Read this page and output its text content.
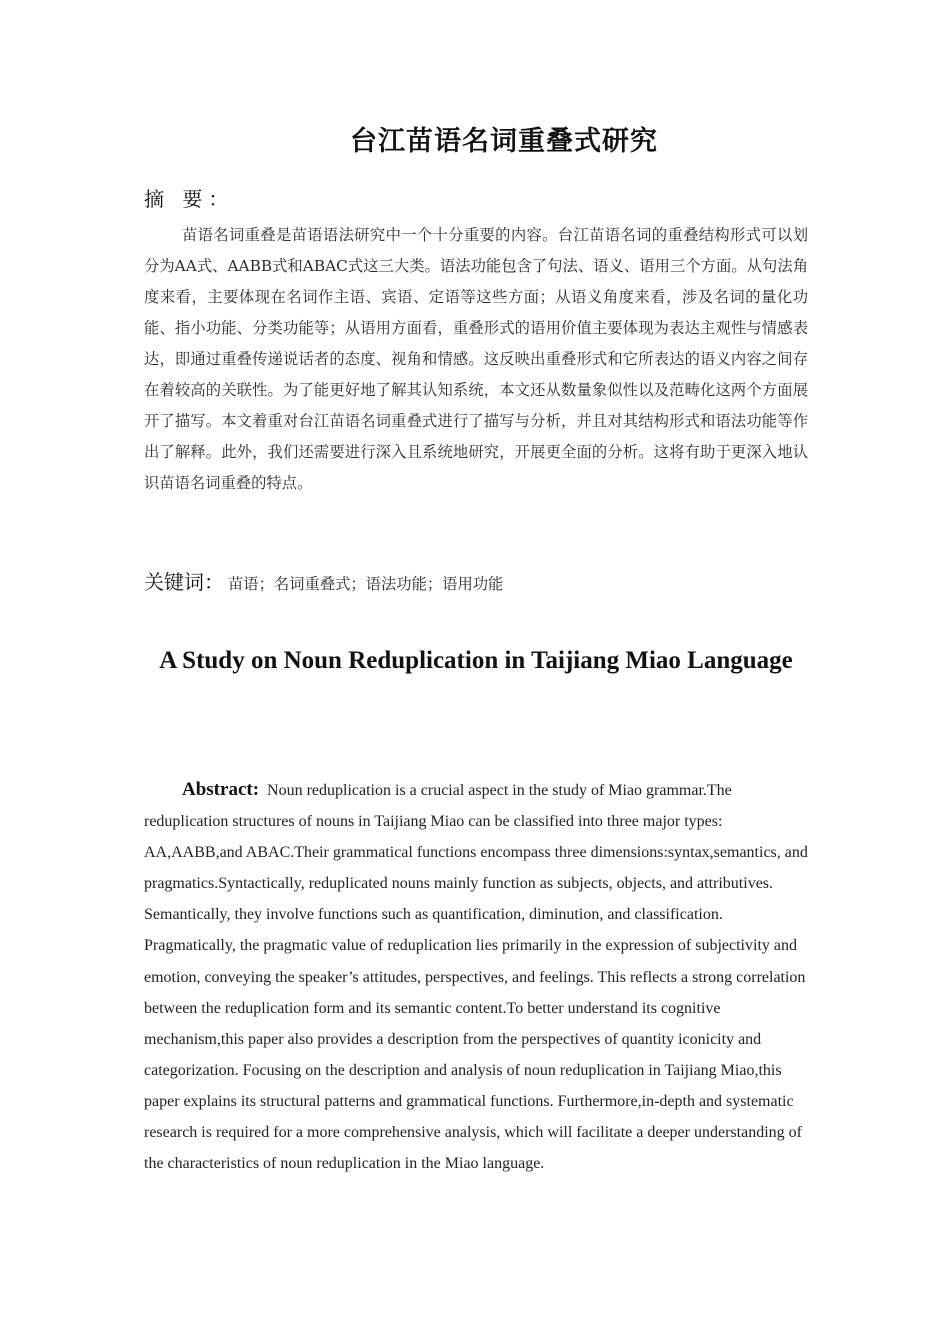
台江苗语名词重叠式研究
摘 要：

苗语名词重叠是苗语语法研究中一个十分重要的内容。台江苗语名词的重叠结构形式可以划分为AA式、AABB式和ABAC式这三大类。语法功能包含了句法、语义、语用三个方面。从句法角度来看，主要体现在名词作主语、宾语、定语等这些方面；从语义角度来看，涉及名词的量化功能、指小功能、分类功能等；从语用方面看，重叠形式的语用价值主要体现为表达主观性与情感表达，即通过重叠传递说话者的态度、视角和情感。这反映出重叠形式和它所表达的语义内容之间存在着较高的关联性。为了能更好地了解其认知系统，本文还从数量象似性以及范畴化这两个方面展开了描写。本文着重对台江苗语名词重叠式进行了描写与分析，并且对其结构形式和语法功能等作出了解释。此外，我们还需要进行深入且系统地研究，开展更全面的分析。这将有助于更深入地认识苗语名词重叠的特点。

关键词： 苗语；名词重叠式；语法功能；语用功能
A Study on Noun Reduplication in Taijiang Miao Language

Abstract: Noun reduplication is a crucial aspect in the study of Miao grammar.The reduplication structures of nouns in Taijiang Miao can be classified into three major types: AA,AABB,and ABAC.Their grammatical functions encompass three dimensions:syntax,semantics, and pragmatics.Syntactically, reduplicated nouns mainly function as subjects, objects, and attributives. Semantically, they involve functions such as quantification, diminution, and classification. Pragmatically, the pragmatic value of reduplication lies primarily in the expression of subjectivity and emotion, conveying the speaker’s attitudes, perspectives, and feelings. This reflects a strong correlation between the reduplication form and its semantic content.To better understand its cognitive mechanism,this paper also provides a description from the perspectives of quantity iconicity and categorization. Focusing on the description and analysis of noun reduplication in Taijiang Miao,this paper explains its structural patterns and grammatical functions. Furthermore,in-depth and systematic research is required for a more comprehensive analysis, which will facilitate a deeper understanding of the characteristics of noun reduplication in the Miao language.
